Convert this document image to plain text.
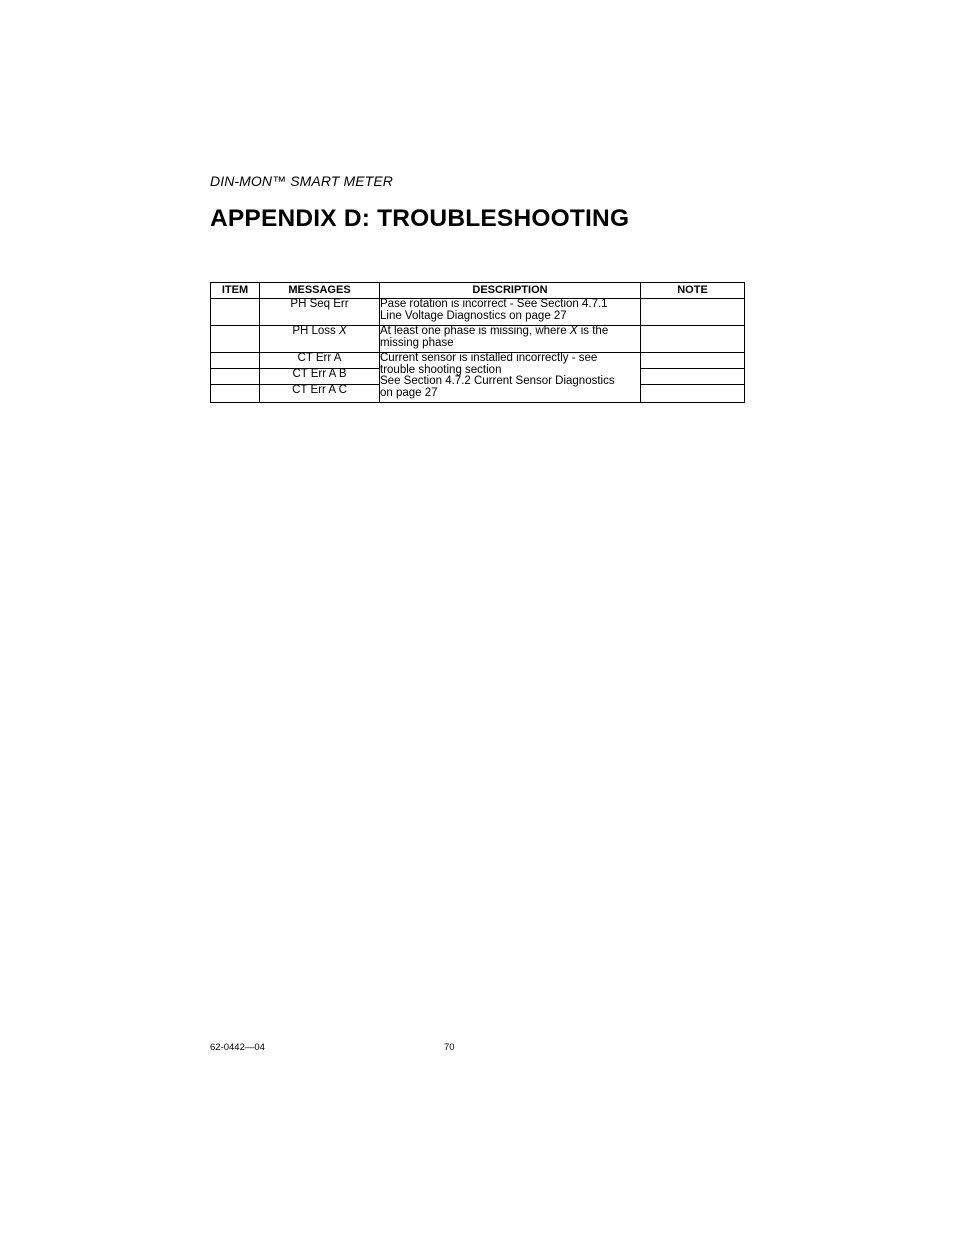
DIN-MON™ SMART METER
APPENDIX D: TROUBLESHOOTING
ITEM	MESSAGES	DESCRIPTION	NOTE
	PH Seq Err	Pase rotation is incorrect - See Section 4.7.1
Line Voltage Diagnostics on page 27	

	PH Loss X	At least one phase is missing, where X is the
missing phase	

	CT Err A	Current sensor is installed incorrectly - see
trouble shooting section
See Section 4.7.2 Current Sensor Diagnostics
on page 27	

	CT Err A B		
	CT Err A C		
62-0442—04	70
